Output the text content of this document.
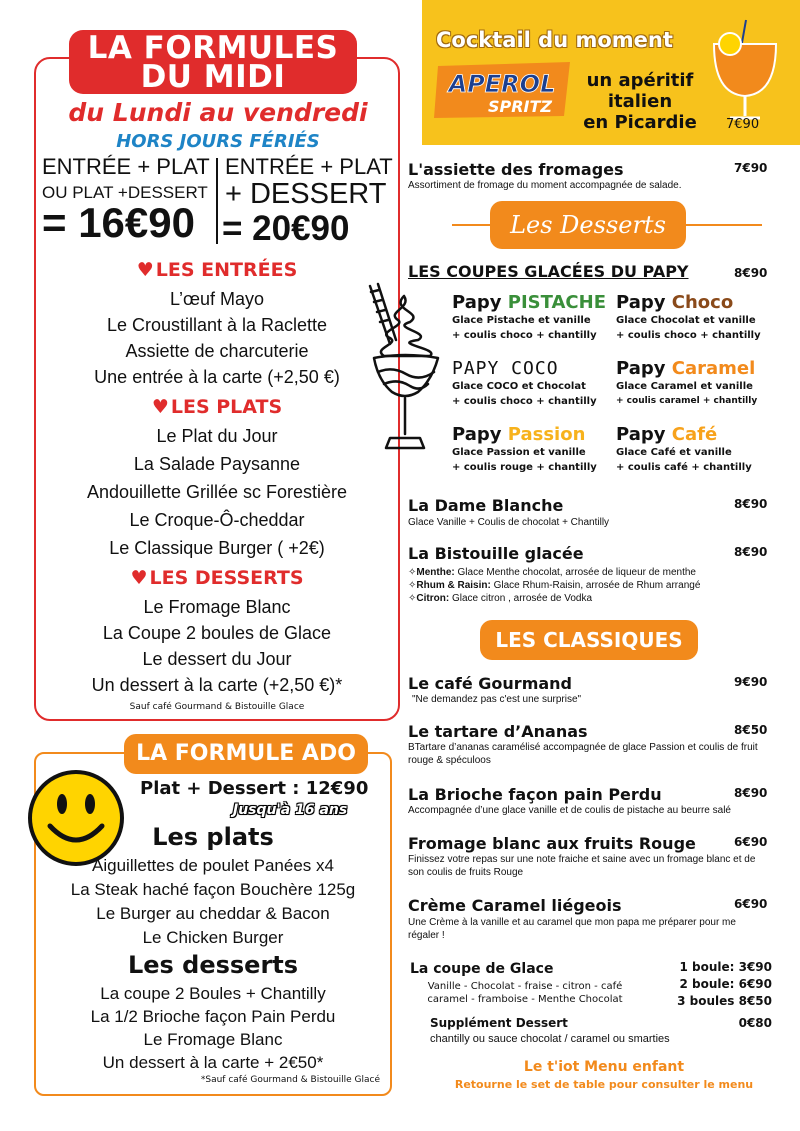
LA FORMULES
DU MIDI
du Lundi au vendredi
HORS JOURS FÉRIÉS
ENTRÉE + PLAT
OU PLAT +DESSERT
= 16€90
ENTRÉE + PLAT
+ DESSERT
= 20€90
♥ LES ENTRÉES
L’œuf Mayo
Le Croustillant à la Raclette
Assiette de charcuterie
Une entrée à la carte (+2,50 €)
♥ LES PLATS
Le Plat du Jour
La Salade Paysanne
Andouillette Grillée sc Forestière
Le Croque-Ô-cheddar
Le Classique Burger ( +2€)
♥ LES DESSERTS
Le Fromage Blanc
La Coupe 2 boules de Glace
Le dessert du Jour
Un dessert à la carte (+2,50 €)*
Sauf café Gourmand & Bistouille Glace
LA FORMULE ADO
Plat + Dessert : 12€90
Jusqu'à 16 ans
Les plats
Aiguillettes de poulet Panées x4
La Steak haché façon Bouchère 125g
Le Burger au cheddar & Bacon
Le Chicken Burger
Les desserts
La coupe 2 Boules + Chantilly
La 1/2 Brioche façon Pain Perdu
Le Fromage Blanc
Un dessert à la carte + 2€50*
*Sauf café Gourmand & Bistouille Glacé
Cocktail du moment
APEROL
SPRITZ
un apéritif
italien
en Picardie	7€90
L'assiette des fromages	7€90
Assortiment de fromage du moment accompagnée de salade.
Les Desserts
LES COUPES GLACÉES DU PAPY	8€90
Papy PISTACHE
Glace Pistache et vanille
+ coulis choco + chantilly
Papy Choco
Glace Chocolat et vanille
+ coulis choco + chantilly
PAPY COCO
Glace COCO et Chocolat
+ coulis choco + chantilly
Papy Caramel
Glace Caramel et vanille
+ coulis caramel + chantilly
Papy Passion
Glace Passion et vanille
+ coulis rouge + chantilly
Papy Café
Glace Café et vanille
+ coulis café + chantilly
La Dame Blanche	8€90
Glace Vanille + Coulis de chocolat + Chantilly
La Bistouille glacée	8€90
✧Menthe: Glace Menthe chocolat, arrosée de liqueur de menthe
✧Rhum & Raisin: Glace Rhum-Raisin, arrosée de Rhum arrangé
✧Citron: Glace citron , arrosée de Vodka
LES CLASSIQUES
Le café Gourmand	9€90
"Ne demandez pas c'est une surprise"
Le tartare d’Ananas	8€50
BTartare d’ananas caramélisé accompagnée de glace Passion et coulis de fruit rouge & spéculoos
La Brioche façon pain Perdu	8€90
Accompagnée d’une glace vanille et de coulis de pistache au beurre salé
Fromage blanc aux fruits Rouge	6€90
Finissez votre repas sur une note fraiche et saine avec un fromage blanc et de son coulis de fruits Rouge
Crème Caramel liégeois	6€90
Une Crème à la vanille et au caramel que mon papa me préparer pour me régaler !
La coupe de Glace
Vanille - Chocolat - fraise - citron - café caramel - framboise - Menthe Chocolat
1 boule: 3€90
2 boule: 6€90
3 boules 8€50
Supplément Dessert	0€80
chantilly ou sauce chocolat / caramel ou smarties
Le t'iot Menu enfant
Retourne le set de table pour consulter le menu
